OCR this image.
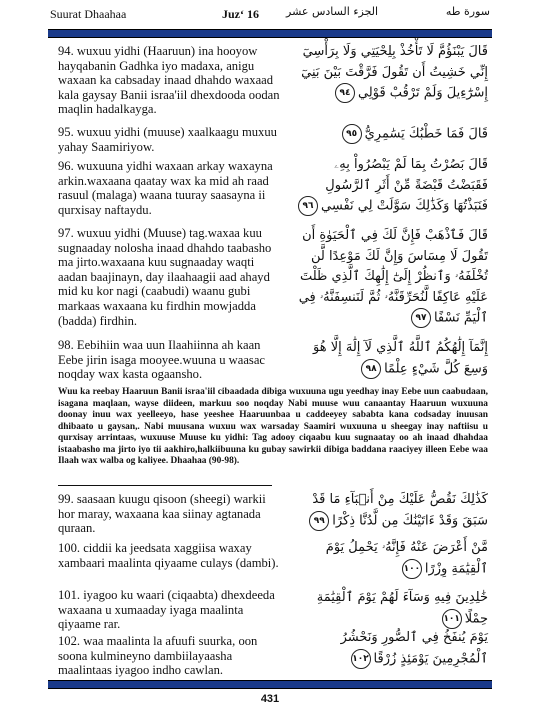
Suurat Dhaahaa	Juz‘ 16 الجزء السادس عشر	سورة طه
94. wuxuu yidhi (Haaruun) ina hooyow hayqabanin Gadhka iyo madaxa, anigu waxaan ka cabsaday inaad dhahdo waxaad kala gaysay Banii israa'iil dhexdooda oodan maqlin hadalkayga.
قَالَ يَبْنَؤُمَّ لَا تَأْخُذْ بِلِحْيَتِي وَلَا بِرَأْسِيٓ إِنِّي خَشِيتُ أَن تَقُولَ فَرَّقْتَ بَيْنَ بَنِيٓ إِسْرَٰٓءِيلَ وَلَمْ تَرْقُبْ قَوْلِي٩٤
95. wuxuu yidhi (muuse) xaalkaagu muxuu yahay Saamiriyow.
قَالَ فَمَا خَطْبُكَ يَسَٰمِرِيُّ٩٥
96. wuxuuna yidhi waxaan arkay waxayna arkin.waxaana qaatay wax ka mid ah raad rasuul (malaga) waana tuuray saasayna ii qurxisay naftaydu.
قَالَ بَصُرْتُ بِمَا لَمْ يَبْصُرُواْ بِهِۦ فَقَبَضْتُ قَبْضَةً مِّنْ أَثَرِ ٱلرَّسُولِ فَنَبَذْتُهَا وَكَذَٰلِكَ سَوَّلَتْ لِي نَفْسِي٩٦
97. wuxuu yidhi (Muuse) tag.waxaa kuu sugnaaday nolosha inaad dhahdo taabasho ma jirto.waxaana kuu sugnaaday waqti aadan baajinayn, day ilaahaagii aad ahayd mid ku kor nagi (caabudi) waanu gubi markaas waxaana ku firdhin mowjadda (badda) firdhin.
قَالَ فَٱذْهَبْ فَإِنَّ لَكَ فِي ٱلْحَيَوٰةِ أَن تَقُولَ لَا مِسَاسَ وَإِنَّ لَكَ مَوْعِدًا لَّن تُخْلَفَهُۥ وَٱنظُرْ إِلَىٰٓ إِلَٰهِكَ ٱلَّذِي ظَلْتَ عَلَيْهِ عَاكِفًا لَّنُحَرِّقَنَّهُۥ ثُمَّ لَنَنسِفَنَّهُۥ فِي ٱلْيَمِّ نَسْفًا٩٧
98. Eebihiin waa uun Ilaahiinna ah kaan Eebe jirin isaga mooyee.wuuna u waasac noqday wax kasta ogaansho.
إِنَّمَآ إِلَٰهُكُمُ ٱللَّهُ ٱلَّذِي لَآ إِلَٰهَ إِلَّا هُوَ وَسِعَ كُلَّ شَيْءٍ عِلْمًا٩٨
Wuu ka reebay Haaruun Banii israa'iil cibaadada dibiga wuxuuna ugu yeedhay inay Eebe uun caabudaan, isagana maqlaan, wayse diideen, markuu soo noqday Nabi muuse wuu canaantay Haaruun wuxuuna doonay inuu wax yeelleeyo, hase yeeshee Haaruunbaa u caddeeyey sababta kana codsaday inuusan dhibaato u gaysan,. Nabi muusana wuxuu wax warsaday Saamiri wuxuuna u sheegay inay naftiisu u qurxisay arrintaas, wuxuuse Muuse ku yidhi: Tag adooy ciqaabu kuu sugnaatay oo ah inaad dhahdaa istaabasho ma jirto iyo tii aakhiro,halkiibuuna ku gubay sawirkii dibiga baddana raaciyey illeen Eebe waa Ilaah wax walba og kaliyee. Dhaahaa (90-98).
99. saasaan kuugu qisoon (sheegi) warkii hor maray, waxaana kaa siinay agtanada quraan.
كَذَٰلِكَ نَقُصُّ عَلَيْكَ مِنْ أَنۢبَآءِ مَا قَدْ سَبَقَ وَقَدْ ءَاتَيْنَٰكَ مِن لَّدُنَّا ذِكْرًا٩٩
100. ciddii ka jeedsata xaggiisa waxay xambaari maalinta qiyaame culays (dambi).
مَّنْ أَعْرَضَ عَنْهُ فَإِنَّهُۥ يَحْمِلُ يَوْمَ ٱلْقِيَٰمَةِ وِزْرًا١٠٠
101. iyagoo ku waari (ciqaabta) dhexdeeda waxaana u xumaaday iyaga maalinta qiyaame rar.
خَٰلِدِينَ فِيهِ وَسَآءَ لَهُمْ يَوْمَ ٱلْقِيَٰمَةِ حِمْلًا١٠١
102. waa maalinta la afuufi suurka, oon soona kulmineyno dambiilayaasha maalintaas iyagoo indho cawlan.
يَوْمَ يُنفَخُ فِي ٱلصُّورِ وَنَحْشُرُ ٱلْمُجْرِمِينَ يَوْمَئِذٍ زُرْقًا١٠٢
431
